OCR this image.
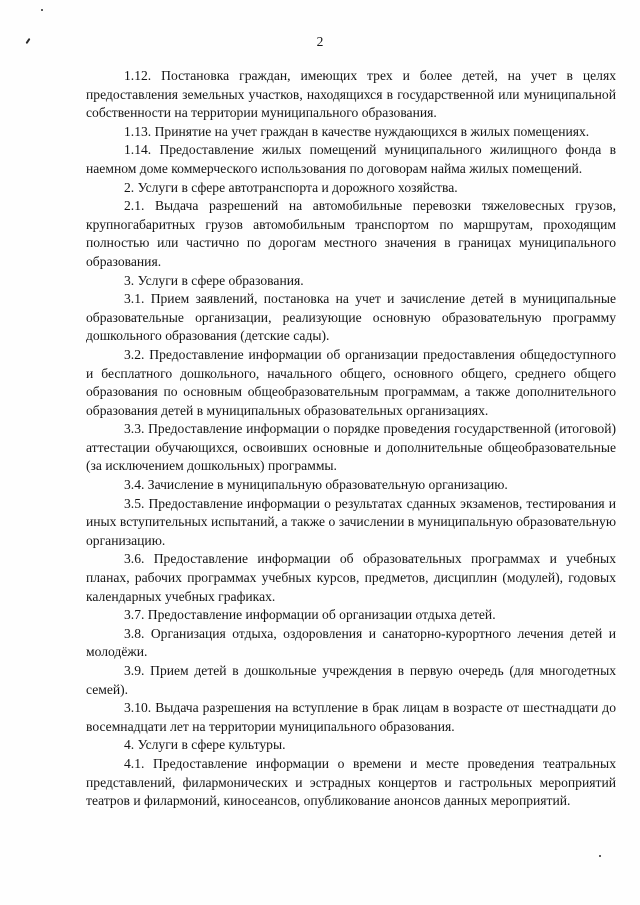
2

1.12. Постановка граждан, имеющих трех и более детей, на учет в целях предоставления земельных участков, находящихся в государственной или муниципальной собственности на территории муниципального образования.

1.13. Принятие на учет граждан в качестве нуждающихся в жилых помещениях.

1.14. Предоставление жилых помещений муниципального жилищного фонда в наемном доме коммерческого использования по договорам найма жилых помещений.

2. Услуги в сфере автотранспорта и дорожного хозяйства.

2.1. Выдача разрешений на автомобильные перевозки тяжеловесных грузов, крупногабаритных грузов автомобильным транспортом по маршрутам, проходящим полностью или частично по дорогам местного значения в границах муниципального образования.

3. Услуги в сфере образования.

3.1. Прием заявлений, постановка на учет и зачисление детей в муниципальные образовательные организации, реализующие основную образовательную программу дошкольного образования (детские сады).

3.2. Предоставление информации об организации предоставления общедоступного и бесплатного дошкольного, начального общего, основного общего, среднего общего образования по основным общеобразовательным программам, а также дополнительного образования детей в муниципальных образовательных организациях.

3.3. Предоставление информации о порядке проведения государственной (итоговой) аттестации обучающихся, освоивших основные и дополнительные общеобразовательные (за исключением дошкольных) программы.

3.4. Зачисление в муниципальную образовательную организацию.

3.5. Предоставление информации о результатах сданных экзаменов, тестирования и иных вступительных испытаний, а также о зачислении в муниципальную образовательную организацию.

3.6. Предоставление информации об образовательных программах и учебных планах, рабочих программах учебных курсов, предметов, дисциплин (модулей), годовых календарных учебных графиках.

3.7. Предоставление информации об организации отдыха детей.

3.8. Организация отдыха, оздоровления и санаторно-курортного лечения детей и молодёжи.

3.9. Прием детей в дошкольные учреждения в первую очередь (для многодетных семей).

3.10. Выдача разрешения на вступление в брак лицам в возрасте от шестнадцати до восемнадцати лет на территории муниципального образования.

4. Услуги в сфере культуры.

4.1. Предоставление информации о времени и месте проведения театральных представлений, филармонических и эстрадных концертов и гастрольных мероприятий театров и филармоний, киносеансов, опубликование анонсов данных мероприятий.
